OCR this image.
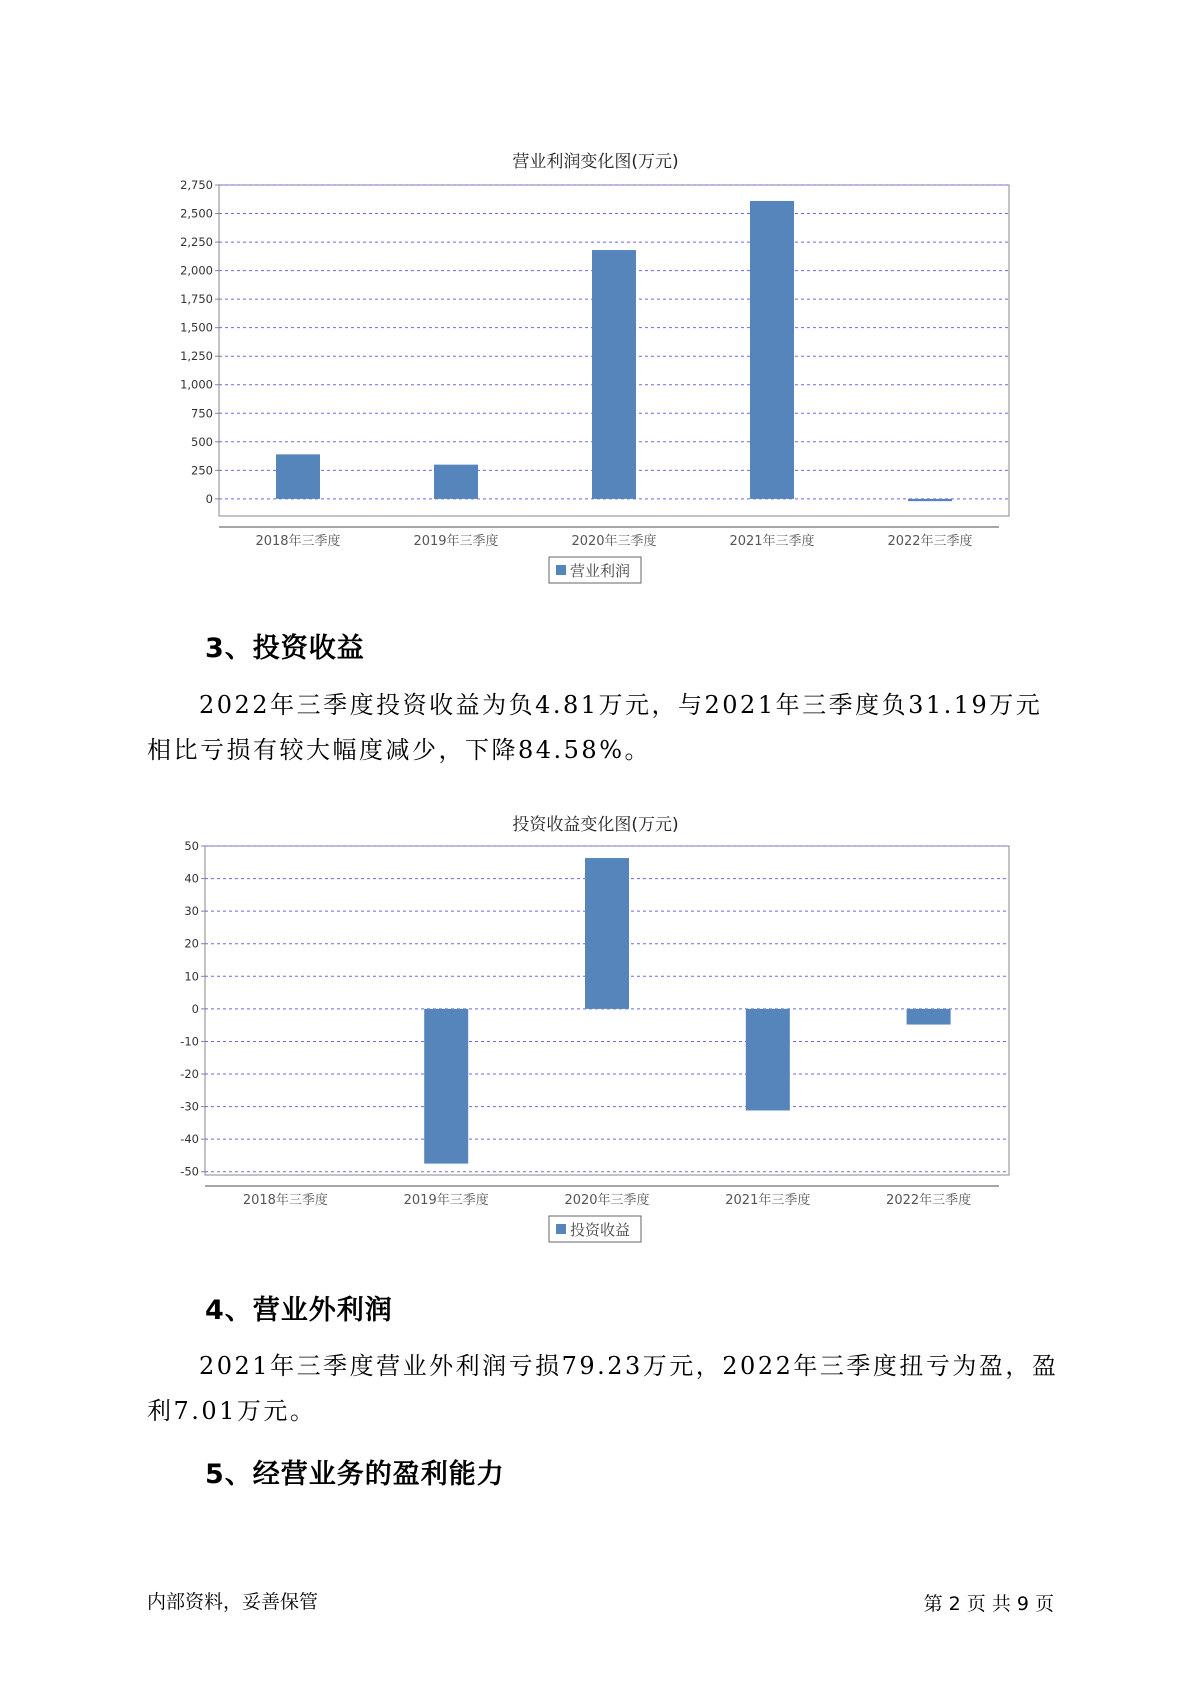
营业利润变化图(万元)
0
250
500
750
1,000
1,250
1,500
1,750
2,000
2,250
2,500
2,750
2018年三季度	2019年三季度	2020年三季度	2021年三季度	2022年三季度
营业利润
3、投资收益

2022年三季度投资收益为负4.81万元，与2021年三季度负31.19万元相比亏损有较大幅度减少，下降84.58%。

投资收益变化图(万元)
-50
-40
-30
-20
-10
0
10
20
30
40
50
2018年三季度	2019年三季度	2020年三季度	2021年三季度	2022年三季度
投资收益
4、营业外利润

2021年三季度营业外利润亏损79.23万元，2022年三季度扭亏为盈，盈利7.01万元。

5、经营业务的盈利能力
内部资料，妥善保管	第 2 页 共 9 页
